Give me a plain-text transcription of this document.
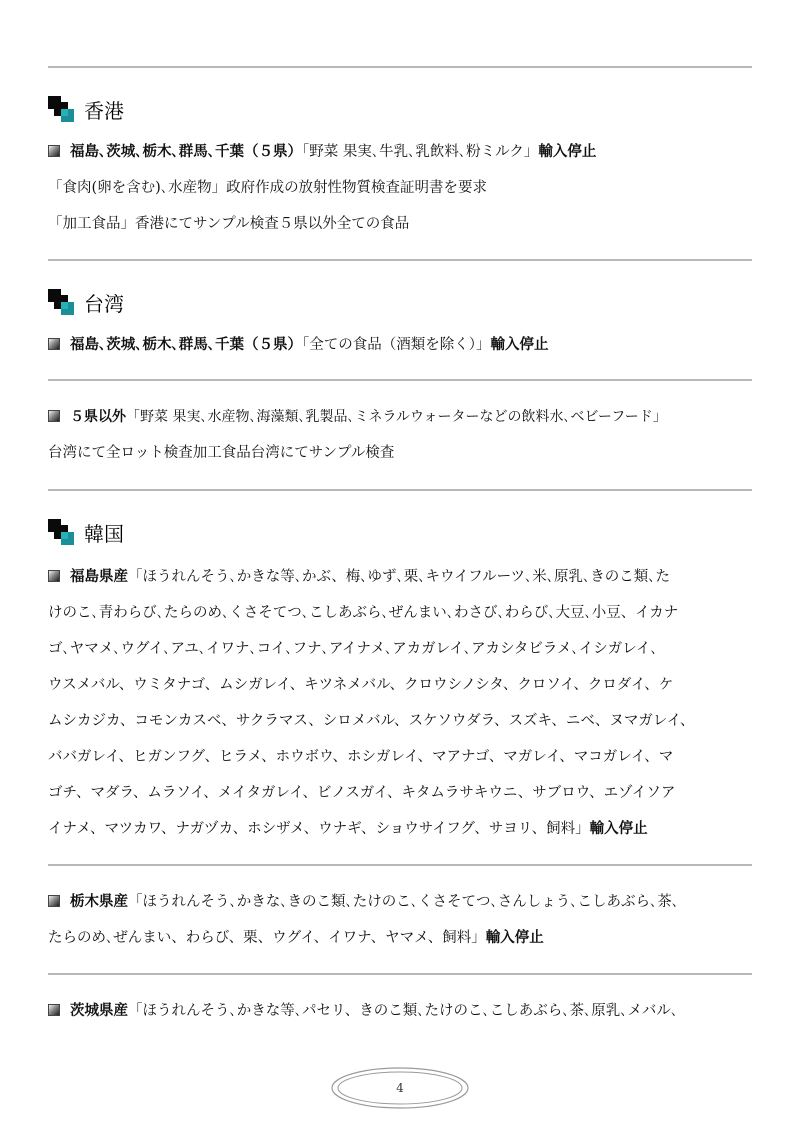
香港
福島､茨城､栃木､群馬､千葉（５県）「野菜 果実､牛乳､乳飲料､粉ミルク」輸入停止
「食肉(卵を含む)､水産物」政府作成の放射性物質検査証明書を要求
「加工食品」香港にてサンプル検査５県以外全ての食品
台湾
福島､茨城､栃木､群馬､千葉（５県）「全ての食品（酒類を除く）」輸入停止
５県以外「野菜 果実､水産物､海藻類､乳製品､ミネラルウォーターなどの飲料水､ベビーフード」
台湾にて全ロット検査加工食品台湾にてサンプル検査
韓国
福島県産「ほうれんそう､かきな等､かぶ、梅､ゆず､栗､キウイフルーツ､米､原乳､きのこ類､た
けのこ､青わらび､たらのめ､くさそてつ､こしあぶら､ぜんまい､わさび､わらび､大豆､小豆、イカナ
ゴ､ヤマメ､ウグイ､アユ､イワナ､コイ､フナ､アイナメ､アカガレイ､アカシタビラメ､イシガレイ､
ウスメバル、ウミタナゴ、ムシガレイ、キツネメバル、クロウシノシタ、クロソイ、クロダイ、ケ
ムシカジカ、コモンカスベ、サクラマス、シロメバル、スケソウダラ、スズキ、ニベ、ヌマガレイ、
ババガレイ、ヒガンフグ、ヒラメ、ホウボウ、ホシガレイ、マアナゴ、マガレイ、マコガレイ、マ
ゴチ、マダラ、ムラソイ、メイタガレイ、ビノスガイ、キタムラサキウニ、サブロウ、エゾイソア
イナメ、マツカワ、ナガヅカ、ホシザメ、ウナギ、ショウサイフグ、サヨリ、飼料」輸入停止
栃木県産「ほうれんそう､かきな､きのこ類､たけのこ､くさそてつ､さんしょう､こしあぶら､茶､
たらのめ､ぜんまい、わらび、栗、ウグイ、イワナ、ヤマメ、飼料」輸入停止
茨城県産「ほうれんそう､かきな等､パセリ、きのこ類､たけのこ､こしあぶら､茶､原乳､メバル､
4
